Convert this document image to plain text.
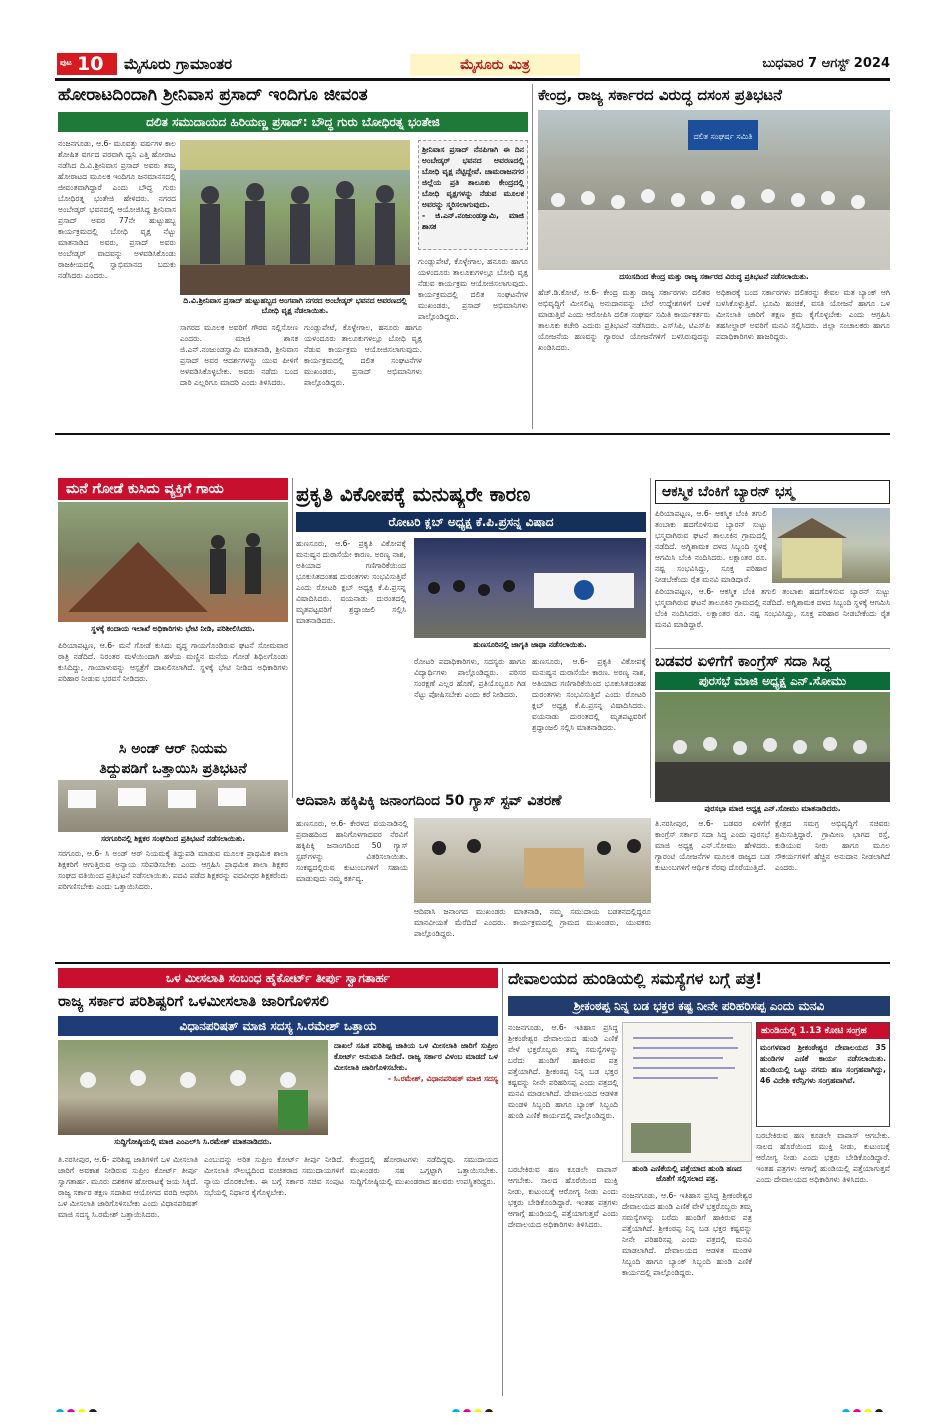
ಪುಟ 10 ಮೈಸೂರು ಗ್ರಾಮಾಂತರ	ಮೈಸೂರು ಮಿತ್ರ	ಬುಧವಾರ 7 ಆಗಸ್ಟ್ 2024
ಹೋರಾಟದಿಂದಾಗಿ ಶ್ರೀನಿವಾಸ ಪ್ರಸಾದ್ ಇಂದಿಗೂ ಜೀವಂತ
ದಲಿತ ಸಮುದಾಯದ ಹಿರಿಯಣ್ಣ ಪ್ರಸಾದ್: ಬೌದ್ಧ ಗುರು ಬೋಧಿರತ್ನ ಭಂತೇಜಿ
ನಂಜನಗೂಡು, ಆ.6- ಮೂವತ್ತು ವರ್ಷಗಳ ಕಾಲ ಶೋಷಿತ ವರ್ಗದ ಪರವಾಗಿ ಧ್ವನಿ ಎತ್ತಿ ಹೋರಾಟ ನಡೆಸಿದ ದಿ.ವಿ.ಶ್ರೀನಿವಾಸ ಪ್ರಸಾದ್ ಅವರು ತಮ್ಮ ಹೋರಾಟದ ಮೂಲಕ ಇಂದಿಗೂ ಜನಮಾನಸದಲ್ಲಿ ಜೀವಂತವಾಗಿದ್ದಾರೆ ಎಂದು ಬೌದ್ಧ ಗುರು ಬೋಧಿರತ್ನ ಭಂತೇಜಿ ಹೇಳಿದರು. ನಗರದ ಅಂಬೇಡ್ಕರ್ ಭವನದಲ್ಲಿ ಆಯೋಜಿಸಿದ್ದ ಶ್ರೀನಿವಾಸ ಪ್ರಸಾದ್ ಅವರ 77ನೇ ಹುಟ್ಟುಹಬ್ಬ ಕಾರ್ಯಕ್ರಮದಲ್ಲಿ ಬೋಧಿ ವೃಕ್ಷ ನೆಟ್ಟು ಮಾತನಾಡಿದ ಅವರು, ಪ್ರಸಾದ್ ಅವರು ಅಂಬೇಡ್ಕರ್ ವಾದವನ್ನು ಅಳವಡಿಸಿಕೊಂಡು ರಾಜಕೀಯದಲ್ಲಿ ಸ್ವಾಭಿಮಾನದ ಬದುಕು ನಡೆಸಿದರು ಎಂದರು.
ದಿ.ವಿ.ಶ್ರೀನಿವಾಸ ಪ್ರಸಾದ್ ಹುಟ್ಟುಹಬ್ಬದ ಅಂಗವಾಗಿ ನಗರದ ಅಂಬೇಡ್ಕರ್ ಭವನದ ಆವರಣದಲ್ಲಿ ಬೋಧಿ ವೃಕ್ಷ ನೆಡಲಾಯಿತು.
ಶ್ರೀನಿವಾಸ ಪ್ರಸಾದ್ ನೆನಪಿಗಾಗಿ ಈ ದಿನ ಅಂಬೇಡ್ಕರ್ ಭವನದ ಆವರಣದಲ್ಲಿ ಬೋಧಿ ವೃಕ್ಷ ನೆಟ್ಟಿದ್ದೇವೆ. ಚಾಮರಾಜನಗರ ಜಿಲ್ಲೆಯ ಪ್ರತಿ ತಾಲೂಕು ಕೇಂದ್ರದಲ್ಲಿ ಬೋಧಿ ವೃಕ್ಷಗಳನ್ನು ನೆಡುವ ಮೂಲಕ ಅವರನ್ನು ಸ್ಮರಿಸಲಾಗುವುದು.
- ಜಿ.ಎನ್.ನಂಜುಂಡಸ್ವಾಮಿ, ಮಾಜಿ ಶಾಸಕ
ಸಾಗರದ ಮೂಲಕ ಅವರಿಗೆ ಗೌರವ ಸಲ್ಲಿಸೋಣ ಎಂದರು. ಮಾಜಿ ಶಾಸಕ ಜಿ.ಎನ್.ನಂಜುಂಡಸ್ವಾಮಿ ಮಾತನಾಡಿ, ಶ್ರೀನಿವಾಸ ಪ್ರಸಾದ್ ಅವರ ಆದರ್ಶಗಳನ್ನು ಯುವ ಪೀಳಿಗೆ ಅಳವಡಿಸಿಕೊಳ್ಳಬೇಕು. ಅವರು ನಡೆದು ಬಂದ ದಾರಿ ಎಲ್ಲರಿಗೂ ಮಾದರಿ ಎಂದು ತಿಳಿಸಿದರು.
ಗುಂಡ್ಲುಪೇಟೆ, ಕೊಳ್ಳೇಗಾಲ, ಹನೂರು ಹಾಗೂ ಯಳಂದೂರು ತಾಲೂಕುಗಳಲ್ಲೂ ಬೋಧಿ ವೃಕ್ಷ ನೆಡುವ ಕಾರ್ಯಕ್ರಮ ಆಯೋಜಿಸಲಾಗುವುದು. ಕಾರ್ಯಕ್ರಮದಲ್ಲಿ ದಲಿತ ಸಂಘಟನೆಗಳ ಮುಖಂಡರು, ಪ್ರಸಾದ್ ಅಭಿಮಾನಿಗಳು ಪಾಲ್ಗೊಂಡಿದ್ದರು.
ಗುಂಡ್ಲುಪೇಟೆ, ಕೊಳ್ಳೇಗಾಲ, ಹನೂರು ಹಾಗೂ ಯಳಂದೂರು ತಾಲೂಕುಗಳಲ್ಲೂ ಬೋಧಿ ವೃಕ್ಷ ನೆಡುವ ಕಾರ್ಯಕ್ರಮ ಆಯೋಜಿಸಲಾಗುವುದು. ಕಾರ್ಯಕ್ರಮದಲ್ಲಿ ದಲಿತ ಸಂಘಟನೆಗಳ ಮುಖಂಡರು, ಪ್ರಸಾದ್ ಅಭಿಮಾನಿಗಳು ಪಾಲ್ಗೊಂಡಿದ್ದರು.
ಕೇಂದ್ರ, ರಾಜ್ಯ ಸರ್ಕಾರದ ವಿರುದ್ಧ ದಸಂಸ ಪ್ರತಿಭಟನೆ
ದಲಿತ ಸಂಘರ್ಷ ಸಮಿತಿ
ದಸಂಸದಿಂದ ಕೇಂದ್ರ ಮತ್ತು ರಾಜ್ಯ ಸರ್ಕಾರದ ವಿರುದ್ಧ ಪ್ರತಿಭಟನೆ ನಡೆಸಲಾಯಿತು.
ಹೆಚ್.ಡಿ.ಕೋಟೆ, ಆ.6- ಕೇಂದ್ರ ಮತ್ತು ರಾಜ್ಯ ಸರ್ಕಾರಗಳು ದಲಿತರ ಅಭಿವೃದ್ಧಿಗೆ ಮೀಸಲಿಟ್ಟ ಅನುದಾನವನ್ನು ಬೇರೆ ಉದ್ದೇಶಗಳಿಗೆ ಬಳಕೆ ಮಾಡುತ್ತಿವೆ ಎಂದು ಆರೋಪಿಸಿ ದಲಿತ ಸಂಘರ್ಷ ಸಮಿತಿ ಕಾರ್ಯಕರ್ತರು ತಾಲೂಕು ಕಚೇರಿ ಎದುರು ಪ್ರತಿಭಟನೆ ನಡೆಸಿದರು. ಎಸ್‌ಸಿಪಿ, ಟಿಎಸ್‌ಪಿ ಯೋಜನೆಯ ಹಣವನ್ನು ಗ್ಯಾರಂಟಿ ಯೋಜನೆಗಳಿಗೆ ಬಳಸಿರುವುದನ್ನು ಖಂಡಿಸಿದರು.
ಅಧಿಕಾರಕ್ಕೆ ಬಂದ ಸರ್ಕಾರಗಳು ದಲಿತರನ್ನು ಕೇವಲ ಮತ ಬ್ಯಾಂಕ್ ಆಗಿ ಬಳಸಿಕೊಳ್ಳುತ್ತಿವೆ. ಭೂಮಿ ಹಂಚಿಕೆ, ವಸತಿ ಯೋಜನೆ ಹಾಗೂ ಒಳ ಮೀಸಲಾತಿ ಜಾರಿಗೆ ತಕ್ಷಣ ಕ್ರಮ ಕೈಗೊಳ್ಳಬೇಕು ಎಂದು ಆಗ್ರಹಿಸಿ ತಹಸೀಲ್ದಾರ್ ಅವರಿಗೆ ಮನವಿ ಸಲ್ಲಿಸಿದರು. ಜಿಲ್ಲಾ ಸಂಚಾಲಕರು ಹಾಗೂ ಪದಾಧಿಕಾರಿಗಳು ಹಾಜರಿದ್ದರು.
ಮನೆ ಗೋಡೆ ಕುಸಿದು ವ್ಯಕ್ತಿಗೆ ಗಾಯ
ಸ್ಥಳಕ್ಕೆ ಕಂದಾಯ ಇಲಾಖೆ ಅಧಿಕಾರಿಗಳು ಭೇಟಿ ನೀಡಿ, ಪರಿಶೀಲಿಸಿದರು.
ಪಿರಿಯಾಪಟ್ಟಣ, ಆ.6- ಮನೆ ಗೋಡೆ ಕುಸಿದು ವೃದ್ಧ ಗಾಯಗೊಂಡಿರುವ ಘಟನೆ ಸೋಮವಾರ ರಾತ್ರಿ ನಡೆದಿದೆ. ನಿರಂತರ ಮಳೆಯಿಂದಾಗಿ ಹಳೆಯ ಮಣ್ಣಿನ ಮನೆಯ ಗೋಡೆ ಶಿಥಿಲಗೊಂಡು ಕುಸಿದಿದ್ದು, ಗಾಯಾಳುವನ್ನು ಆಸ್ಪತ್ರೆಗೆ ದಾಖಲಿಸಲಾಗಿದೆ. ಸ್ಥಳಕ್ಕೆ ಭೇಟಿ ನೀಡಿದ ಅಧಿಕಾರಿಗಳು ಪರಿಹಾರ ನೀಡುವ ಭರವಸೆ ನೀಡಿದರು.
ಪ್ರಕೃತಿ ವಿಕೋಪಕ್ಕೆ ಮನುಷ್ಯರೇ ಕಾರಣ
ರೋಟರಿ ಕ್ಲಬ್ ಅಧ್ಯಕ್ಷ ಕೆ.ಪಿ.ಪ್ರಸನ್ನ ವಿಷಾದ
ಹುಣಸೂರು, ಆ.6- ಪ್ರಕೃತಿ ವಿಕೋಪಕ್ಕೆ ಮನುಷ್ಯನ ದುರಾಸೆಯೇ ಕಾರಣ. ಅರಣ್ಯ ನಾಶ, ಅತಿಯಾದ ಗಣಿಗಾರಿಕೆಯಿಂದ ಭೂಕುಸಿತದಂತಹ ದುರಂತಗಳು ಸಂಭವಿಸುತ್ತಿವೆ ಎಂದು ರೋಟರಿ ಕ್ಲಬ್ ಅಧ್ಯಕ್ಷ ಕೆ.ಪಿ.ಪ್ರಸನ್ನ ವಿಷಾದಿಸಿದರು. ವಯನಾಡು ದುರಂತದಲ್ಲಿ ಮೃತಪಟ್ಟವರಿಗೆ ಶ್ರದ್ಧಾಂಜಲಿ ಸಲ್ಲಿಸಿ ಮಾತನಾಡಿದರು.
ಹುಣಸೂರಿನಲ್ಲಿ ಜಾಗೃತಿ ಜಾಥಾ ನಡೆಸಲಾಯಿತು.
ರೋಟರಿ ಪದಾಧಿಕಾರಿಗಳು, ಸದಸ್ಯರು ಹಾಗೂ ವಿದ್ಯಾರ್ಥಿಗಳು ಪಾಲ್ಗೊಂಡಿದ್ದರು. ಪರಿಸರ ಸಂರಕ್ಷಣೆ ಎಲ್ಲರ ಹೊಣೆ, ಪ್ರತಿಯೊಬ್ಬರೂ ಗಿಡ ನೆಟ್ಟು ಪೋಷಿಸಬೇಕು ಎಂದು ಕರೆ ನೀಡಿದರು.
ಹುಣಸೂರು, ಆ.6- ಪ್ರಕೃತಿ ವಿಕೋಪಕ್ಕೆ ಮನುಷ್ಯನ ದುರಾಸೆಯೇ ಕಾರಣ. ಅರಣ್ಯ ನಾಶ, ಅತಿಯಾದ ಗಣಿಗಾರಿಕೆಯಿಂದ ಭೂಕುಸಿತದಂತಹ ದುರಂತಗಳು ಸಂಭವಿಸುತ್ತಿವೆ ಎಂದು ರೋಟರಿ ಕ್ಲಬ್ ಅಧ್ಯಕ್ಷ ಕೆ.ಪಿ.ಪ್ರಸನ್ನ ವಿಷಾದಿಸಿದರು. ವಯನಾಡು ದುರಂತದಲ್ಲಿ ಮೃತಪಟ್ಟವರಿಗೆ ಶ್ರದ್ಧಾಂಜಲಿ ಸಲ್ಲಿಸಿ ಮಾತನಾಡಿದರು.
ಆಕಸ್ಮಿಕ ಬೆಂಕಿಗೆ ಬ್ಯಾರನ್ ಭಸ್ಮ
ಪಿರಿಯಾಪಟ್ಟಣ, ಆ.6- ಆಕಸ್ಮಿಕ ಬೆಂಕಿ ತಗುಲಿ ತಂಬಾಕು ಹದಗೊಳಿಸುವ ಬ್ಯಾರನ್ ಸುಟ್ಟು ಭಸ್ಮವಾಗಿರುವ ಘಟನೆ ತಾಲೂಕಿನ ಗ್ರಾಮದಲ್ಲಿ ನಡೆದಿದೆ. ಅಗ್ನಿಶಾಮಕ ದಳದ ಸಿಬ್ಬಂದಿ ಸ್ಥಳಕ್ಕೆ ಆಗಮಿಸಿ ಬೆಂಕಿ ನಂದಿಸಿದರು. ಲಕ್ಷಾಂತರ ರೂ. ನಷ್ಟ ಸಂಭವಿಸಿದ್ದು, ಸೂಕ್ತ ಪರಿಹಾರ ನೀಡಬೇಕೆಂದು ರೈತ ಮನವಿ ಮಾಡಿದ್ದಾರೆ.
ಪಿರಿಯಾಪಟ್ಟಣ, ಆ.6- ಆಕಸ್ಮಿಕ ಬೆಂಕಿ ತಗುಲಿ ತಂಬಾಕು ಹದಗೊಳಿಸುವ ಬ್ಯಾರನ್ ಸುಟ್ಟು ಭಸ್ಮವಾಗಿರುವ ಘಟನೆ ತಾಲೂಕಿನ ಗ್ರಾಮದಲ್ಲಿ ನಡೆದಿದೆ. ಅಗ್ನಿಶಾಮಕ ದಳದ ಸಿಬ್ಬಂದಿ ಸ್ಥಳಕ್ಕೆ ಆಗಮಿಸಿ ಬೆಂಕಿ ನಂದಿಸಿದರು. ಲಕ್ಷಾಂತರ ರೂ. ನಷ್ಟ ಸಂಭವಿಸಿದ್ದು, ಸೂಕ್ತ ಪರಿಹಾರ ನೀಡಬೇಕೆಂದು ರೈತ ಮನವಿ ಮಾಡಿದ್ದಾರೆ.
ಬಡವರ ಏಳಿಗೆಗೆ ಕಾಂಗ್ರೆಸ್ ಸದಾ ಸಿದ್ಧ
ಪುರಸಭೆ ಮಾಜಿ ಅಧ್ಯಕ್ಷ ಎನ್.ಸೋಮು
ಪುರಸಭಾ ಮಾಜಿ ಅಧ್ಯಕ್ಷ ಎನ್.ಸೋಮು ಮಾತನಾಡಿದರು.
ತಿ.ನರಸೀಪುರ, ಆ.6- ಬಡವರ ಏಳಿಗೆಗೆ ಕಾಂಗ್ರೆಸ್ ಸರ್ಕಾರ ಸದಾ ಸಿದ್ಧ ಎಂದು ಪುರಸಭೆ ಮಾಜಿ ಅಧ್ಯಕ್ಷ ಎನ್.ಸೋಮು ಹೇಳಿದರು. ಗ್ಯಾರಂಟಿ ಯೋಜನೆಗಳ ಮೂಲಕ ರಾಜ್ಯದ ಬಡ ಕುಟುಂಬಗಳಿಗೆ ಆರ್ಥಿಕ ನೆರವು ದೊರೆಯುತ್ತಿದೆ.
ಕ್ಷೇತ್ರದ ಸಮಗ್ರ ಅಭಿವೃದ್ಧಿಗೆ ಸಚಿವರು ಶ್ರಮಿಸುತ್ತಿದ್ದಾರೆ. ಗ್ರಾಮೀಣ ಭಾಗದ ರಸ್ತೆ, ಕುಡಿಯುವ ನೀರು ಹಾಗೂ ಮೂಲ ಸೌಕರ್ಯಗಳಿಗೆ ಹೆಚ್ಚಿನ ಅನುದಾನ ನೀಡಲಾಗಿದೆ ಎಂದರು.
ಸಿ ಅಂಡ್ ಆರ್ ನಿಯಮ
ತಿದ್ದುಪಡಿಗೆ ಒತ್ತಾಯಿಸಿ ಪ್ರತಿಭಟನೆ
ಸರಗೂರಿನಲ್ಲಿ ಶಿಕ್ಷಕರ ಸಂಘದಿಂದ ಪ್ರತಿಭಟನೆ ನಡೆಸಲಾಯಿತು.
ಸರಗೂರು, ಆ.6- ಸಿ ಅಂಡ್ ಆರ್ ನಿಯಮಕ್ಕೆ ತಿದ್ದುಪಡಿ ಮಾಡುವ ಮೂಲಕ ಪ್ರಾಥಮಿಕ ಶಾಲಾ ಶಿಕ್ಷಕರಿಗೆ ಆಗುತ್ತಿರುವ ಅನ್ಯಾಯ ಸರಿಪಡಿಸಬೇಕು ಎಂದು ಆಗ್ರಹಿಸಿ ಪ್ರಾಥಮಿಕ ಶಾಲಾ ಶಿಕ್ಷಕರ ಸಂಘದ ವತಿಯಿಂದ ಪ್ರತಿಭಟನೆ ನಡೆಸಲಾಯಿತು. ಪದವಿ ಪಡೆದ ಶಿಕ್ಷಕರನ್ನು ಪದವೀಧರ ಶಿಕ್ಷಕರೆಂದು ಪರಿಗಣಿಸಬೇಕು ಎಂದು ಒತ್ತಾಯಿಸಿದರು.
ಆದಿವಾಸಿ ಹಕ್ಕಿಪಿಕ್ಕಿ ಜನಾಂಗದಿಂದ 50 ಗ್ಯಾಸ್ ಸ್ಟವ್ ವಿತರಣೆ
ಹುಣಸೂರು, ಆ.6- ಕೇರಳದ ವಯನಾಡಿನಲ್ಲಿ ಪ್ರವಾಹದಿಂದ ಹಾನಿಗೊಳಗಾದವರ ನೆರವಿಗೆ ಹಕ್ಕಿಪಿಕ್ಕಿ ಜನಾಂಗದಿಂದ 50 ಗ್ಯಾಸ್ ಸ್ಟವ್‌ಗಳನ್ನು ವಿತರಿಸಲಾಯಿತು. ಸಂಕಷ್ಟದಲ್ಲಿರುವ ಕುಟುಂಬಗಳಿಗೆ ಸಹಾಯ ಮಾಡುವುದು ನಮ್ಮ ಕರ್ತವ್ಯ.
ಆದಿವಾಸಿ ಜನಾಂಗದ ಮುಖಂಡರು ಮಾತನಾಡಿ, ನಮ್ಮ ಸಮುದಾಯ ಬಡತನದಲ್ಲಿದ್ದರೂ ಮಾನವೀಯತೆ ಮೆರೆದಿದೆ ಎಂದರು. ಕಾರ್ಯಕ್ರಮದಲ್ಲಿ ಗ್ರಾಮದ ಮುಖಂಡರು, ಯುವಕರು ಪಾಲ್ಗೊಂಡಿದ್ದರು.
ಒಳ ಮೀಸಲಾತಿ ಸಂಬಂಧ ಹೈಕೋರ್ಟ್ ತೀರ್ಪು ಸ್ವಾಗತಾರ್ಹ
ರಾಜ್ಯ ಸರ್ಕಾರ ಪರಿಶಿಷ್ಟರಿಗೆ ಒಳಮೀಸಲಾತಿ ಜಾರಿಗೊಳಿಸಲಿ
ವಿಧಾನಪರಿಷತ್ ಮಾಜಿ ಸದಸ್ಯ ಸಿ.ರಮೇಶ್ ಒತ್ತಾಯ
ಸುದ್ದಿಗೋಷ್ಠಿಯಲ್ಲಿ ಮಾಜಿ ಎಂಎಲ್‌ಸಿ ಸಿ.ರಮೇಶ್ ಮಾತನಾಡಿದರು.
ದಾಖಲೆ ಸಹಿತ ಪರಿಶಿಷ್ಟ ಜಾತಿಯ ಒಳ ಮೀಸಲಾತಿ ಜಾರಿಗೆ ಸುಪ್ರೀಂ ಕೋರ್ಟ್ ಅನುಮತಿ ನೀಡಿದೆ. ರಾಜ್ಯ ಸರ್ಕಾರ ವಿಳಂಬ ಮಾಡದೆ ಒಳ ಮೀಸಲಾತಿ ಜಾರಿಗೊಳಿಸಬೇಕು.
- ಸಿ.ರಮೇಶ್, ವಿಧಾನಪರಿಷತ್ ಮಾಜಿ ಸದಸ್ಯ
ತಿ.ನರಸೀಪುರ, ಆ.6- ಪರಿಶಿಷ್ಟ ಜಾತಿಗಳಿಗೆ ಒಳ ಮೀಸಲಾತಿ ಜಾರಿಗೆ ಅವಕಾಶ ನೀಡಿರುವ ಸುಪ್ರೀಂ ಕೋರ್ಟ್ ತೀರ್ಪು ಸ್ವಾಗತಾರ್ಹ. ಮೂರು ದಶಕಗಳ ಹೋರಾಟಕ್ಕೆ ಜಯ ಸಿಕ್ಕಿದೆ. ರಾಜ್ಯ ಸರ್ಕಾರ ತಕ್ಷಣ ಸದಾಶಿವ ಆಯೋಗದ ವರದಿ ಆಧರಿಸಿ ಒಳ ಮೀಸಲಾತಿ ಜಾರಿಗೊಳಿಸಬೇಕು ಎಂದು ವಿಧಾನಪರಿಷತ್ ಮಾಜಿ ಸದಸ್ಯ ಸಿ.ರಮೇಶ್ ಒತ್ತಾಯಿಸಿದರು.
ಎಂಬುದನ್ನು ಅರಿತ ಸುಪ್ರೀಂ ಕೋರ್ಟ್ ತೀರ್ಪು ನೀಡಿದೆ. ಮೀಸಲಾತಿ ಸೌಲಭ್ಯದಿಂದ ವಂಚಿತರಾದ ಸಮುದಾಯಗಳಿಗೆ ನ್ಯಾಯ ದೊರಕಬೇಕು. ಈ ಬಗ್ಗೆ ಸರ್ಕಾರ ಸಚಿವ ಸಂಪುಟ ಸಭೆಯಲ್ಲಿ ನಿರ್ಧಾರ ಕೈಗೊಳ್ಳಬೇಕು.
ಕೇಂದ್ರದಲ್ಲಿ ಹೋರಾಟಗಳು ನಡೆದಿದ್ದವು. ಸಮುದಾಯದ ಮುಖಂಡರು ಸಹ ಒಗ್ಗಟ್ಟಾಗಿ ಒತ್ತಾಯಿಸಬೇಕು. ಸುದ್ದಿಗೋಷ್ಠಿಯಲ್ಲಿ ಮುಖಂಡರಾದ ಹಲವರು ಉಪಸ್ಥಿತರಿದ್ದರು.
ದೇವಾಲಯದ ಹುಂಡಿಯಲ್ಲಿ ಸಮಸ್ಯೆಗಳ ಬಗ್ಗೆ ಪತ್ರ!
ಶ್ರೀಕಂಠಪ್ಪ ನಿನ್ನ ಬಡ ಭಕ್ತರ ಕಷ್ಟ ನೀನೇ ಪರಿಹರಿಸಪ್ಪ ಎಂದು ಮನವಿ
ನಂಜನಗೂಡು, ಆ.6- ಇತಿಹಾಸ ಪ್ರಸಿದ್ಧ ಶ್ರೀಕಂಠೇಶ್ವರ ದೇವಾಲಯದ ಹುಂಡಿ ಎಣಿಕೆ ವೇಳೆ ಭಕ್ತರೊಬ್ಬರು ತಮ್ಮ ಸಮಸ್ಯೆಗಳನ್ನು ಬರೆದು ಹುಂಡಿಗೆ ಹಾಕಿರುವ ಪತ್ರ ಪತ್ತೆಯಾಗಿದೆ. ಶ್ರೀಕಂಠಪ್ಪ ನಿನ್ನ ಬಡ ಭಕ್ತರ ಕಷ್ಟವನ್ನು ನೀನೇ ಪರಿಹರಿಸಪ್ಪ ಎಂದು ಪತ್ರದಲ್ಲಿ ಮನವಿ ಮಾಡಲಾಗಿದೆ. ದೇವಾಲಯದ ಆಡಳಿತ ಮಂಡಳಿ ಸಿಬ್ಬಂದಿ ಹಾಗೂ ಬ್ಯಾಂಕ್ ಸಿಬ್ಬಂದಿ ಹುಂಡಿ ಎಣಿಕೆ ಕಾರ್ಯದಲ್ಲಿ ಪಾಲ್ಗೊಂಡಿದ್ದರು.
ಹುಂಡಿಯಲ್ಲಿ 1.13 ಕೋಟಿ ಸಂಗ್ರಹ
ಮಂಗಳವಾರ ಶ್ರೀಕಂಠೇಶ್ವರ ದೇವಾಲಯದ 35 ಹುಂಡಿಗಳ ಎಣಿಕೆ ಕಾರ್ಯ ನಡೆಸಲಾಯಿತು. ಹುಂಡಿಯಲ್ಲಿ ಒಟ್ಟು ನಗದು ಹಣ ಸಂಗ್ರಹವಾಗಿದ್ದು, 46 ವಿದೇಶಿ ಕರೆನ್ಸಿಗಳು ಸಂಗ್ರಹವಾಗಿವೆ.
ಹುಂಡಿ ಎಣಿಕೆಯಲ್ಲಿ ಪತ್ತೆಯಾದ ಹುಂಡಿ ಹಣದ ಜೊತೆಗೆ ಸಲ್ಲಿಸಲಾದ ಪತ್ರ.
ಬರಬೇಕಿರುವ ಹಣ ಕೂಡಲೇ ವಾಪಾಸ್ ಆಗಬೇಕು. ಸಾಲದ ಹೊರೆಯಿಂದ ಮುಕ್ತಿ ನೀಡು, ಕುಟುಂಬಕ್ಕೆ ಆರೋಗ್ಯ ನೀಡು ಎಂದು ಭಕ್ತರು ಬೇಡಿಕೊಂಡಿದ್ದಾರೆ. ಇಂತಹ ಪತ್ರಗಳು ಆಗಾಗ್ಗೆ ಹುಂಡಿಯಲ್ಲಿ ಪತ್ತೆಯಾಗುತ್ತವೆ ಎಂದು ದೇವಾಲಯದ ಅಧಿಕಾರಿಗಳು ತಿಳಿಸಿದರು.
ನಂಜನಗೂಡು, ಆ.6- ಇತಿಹಾಸ ಪ್ರಸಿದ್ಧ ಶ್ರೀಕಂಠೇಶ್ವರ ದೇವಾಲಯದ ಹುಂಡಿ ಎಣಿಕೆ ವೇಳೆ ಭಕ್ತರೊಬ್ಬರು ತಮ್ಮ ಸಮಸ್ಯೆಗಳನ್ನು ಬರೆದು ಹುಂಡಿಗೆ ಹಾಕಿರುವ ಪತ್ರ ಪತ್ತೆಯಾಗಿದೆ. ಶ್ರೀಕಂಠಪ್ಪ ನಿನ್ನ ಬಡ ಭಕ್ತರ ಕಷ್ಟವನ್ನು ನೀನೇ ಪರಿಹರಿಸಪ್ಪ ಎಂದು ಪತ್ರದಲ್ಲಿ ಮನವಿ ಮಾಡಲಾಗಿದೆ. ದೇವಾಲಯದ ಆಡಳಿತ ಮಂಡಳಿ ಸಿಬ್ಬಂದಿ ಹಾಗೂ ಬ್ಯಾಂಕ್ ಸಿಬ್ಬಂದಿ ಹುಂಡಿ ಎಣಿಕೆ ಕಾರ್ಯದಲ್ಲಿ ಪಾಲ್ಗೊಂಡಿದ್ದರು.
ಬರಬೇಕಿರುವ ಹಣ ಕೂಡಲೇ ವಾಪಾಸ್ ಆಗಬೇಕು. ಸಾಲದ ಹೊರೆಯಿಂದ ಮುಕ್ತಿ ನೀಡು, ಕುಟುಂಬಕ್ಕೆ ಆರೋಗ್ಯ ನೀಡು ಎಂದು ಭಕ್ತರು ಬೇಡಿಕೊಂಡಿದ್ದಾರೆ. ಇಂತಹ ಪತ್ರಗಳು ಆಗಾಗ್ಗೆ ಹುಂಡಿಯಲ್ಲಿ ಪತ್ತೆಯಾಗುತ್ತವೆ ಎಂದು ದೇವಾಲಯದ ಅಧಿಕಾರಿಗಳು ತಿಳಿಸಿದರು.
